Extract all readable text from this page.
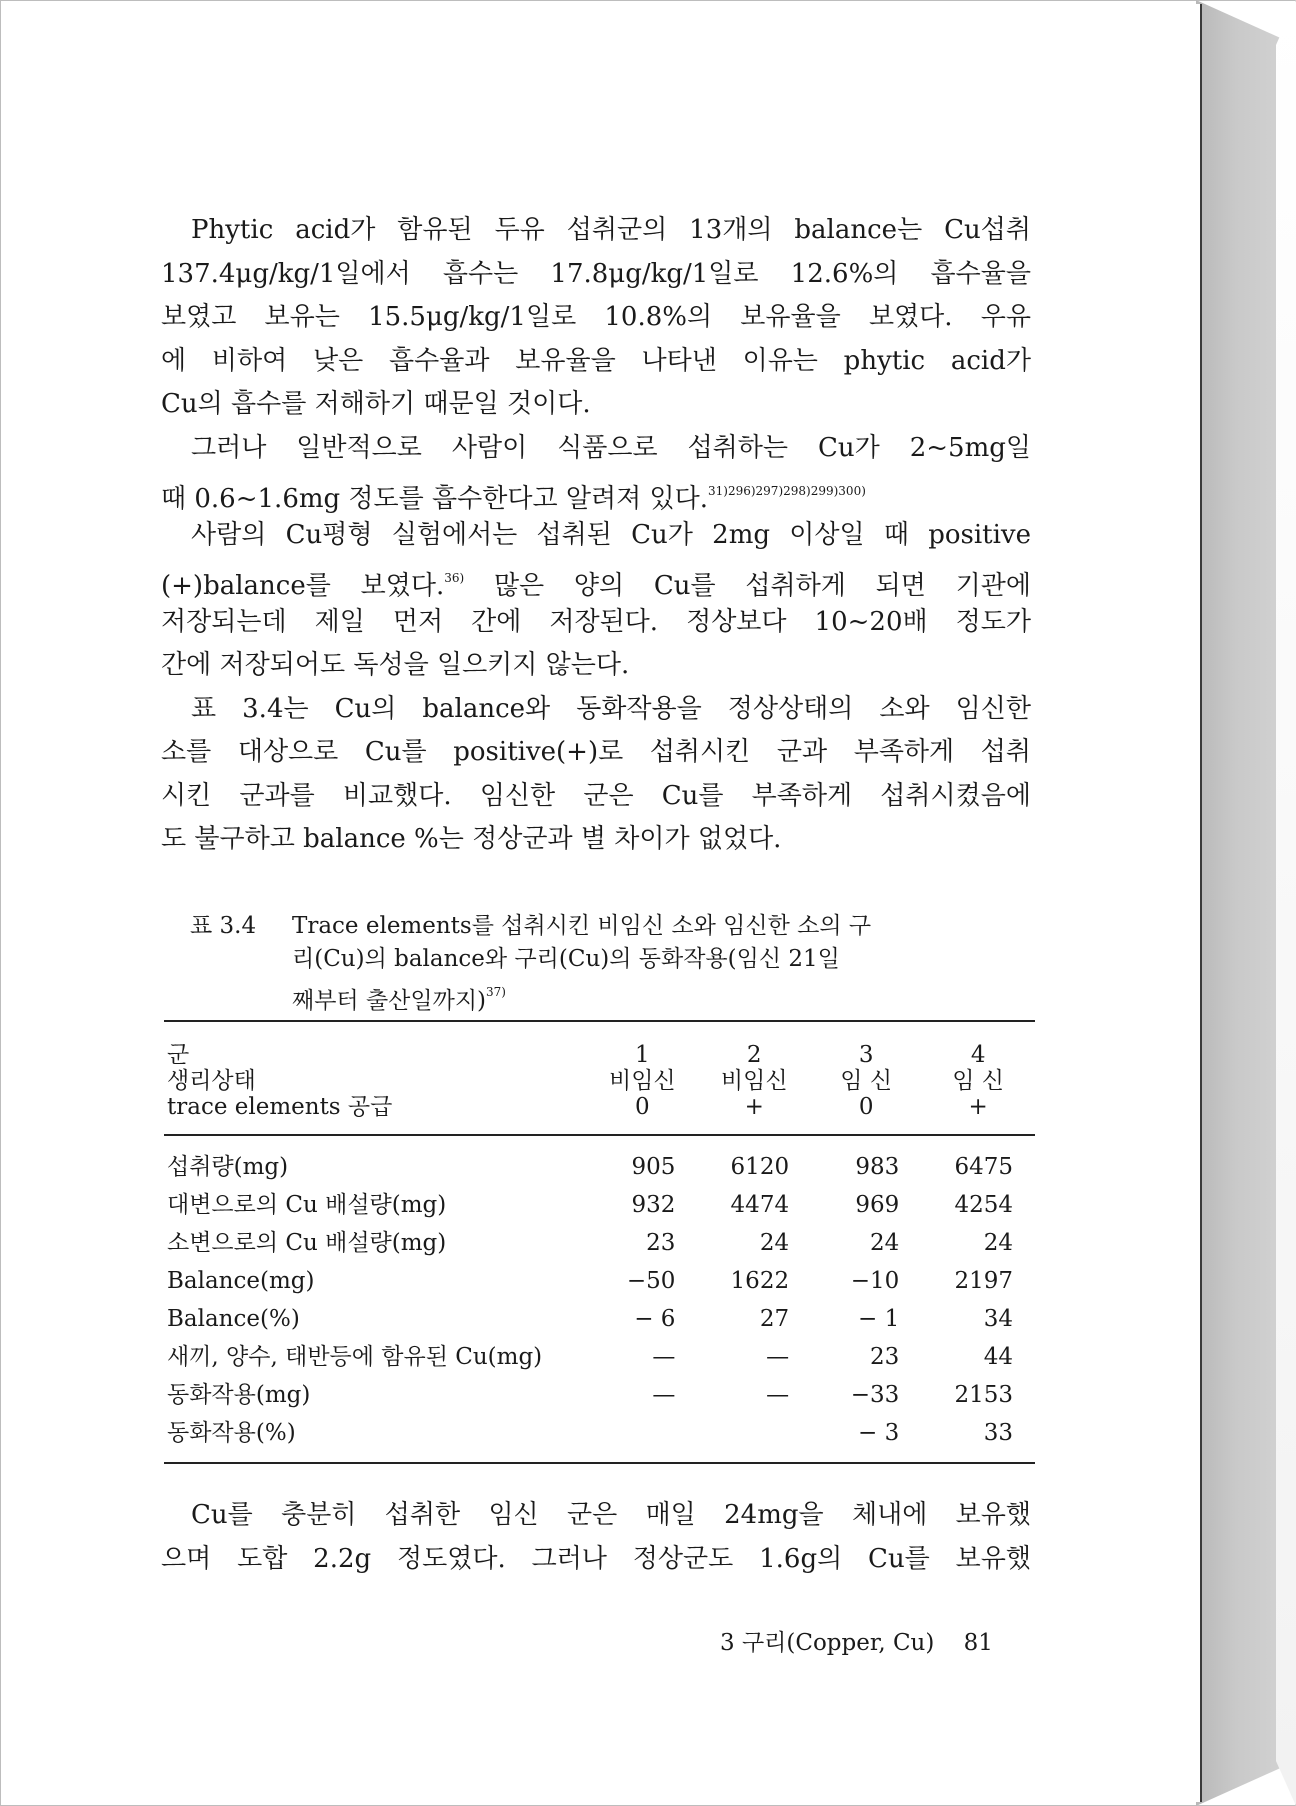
Phytic acid가 함유된 두유 섭취군의 13개의 balance는 Cu섭취
137.4μg/kg/1일에서 흡수는 17.8μg/kg/1일로 12.6%의 흡수율을
보였고 보유는 15.5μg/kg/1일로 10.8%의 보유율을 보였다. 우유
에 비하여 낮은 흡수율과 보유율을 나타낸 이유는 phytic acid가
Cu의 흡수를 저해하기 때문일 것이다.
그러나 일반적으로 사람이 식품으로 섭취하는 Cu가 2~5mg일
때 0.6~1.6mg 정도를 흡수한다고 알려져 있다.$^{31)296)297)298)299)300)}$
사람의 Cu평형 실험에서는 섭취된 Cu가 2mg 이상일 때 positive
(+)balance를 보였다.$^{36)}$ 많은 양의 Cu를 섭취하게 되면 기관에
저장되는데 제일 먼저 간에 저장된다. 정상보다 10~20배 정도가
간에 저장되어도 독성을 일으키지 않는다.
표 3.4는 Cu의 balance와 동화작용을 정상상태의 소와 임신한
소를 대상으로 Cu를 positive(+)로 섭취시킨 군과 부족하게 섭취
시킨 군과를 비교했다. 임신한 군은 Cu를 부족하게 섭취시켰음에
도 불구하고 balance %는 정상군과 별 차이가 없었다.
표 3.4	Trace elements를 섭취시킨 비임신 소와 임신한 소의 구
리(Cu)의 balance와 구리(Cu)의 동화작용(임신 21일
째부터 출산일까지)$^{37)}$
군	1	2	3	4
생리상태	비임신	비임신	임 신	임 신
trace elements 공급	0	+	0	+
섭취량(mg)	905	6120	983	6475
대변으로의 Cu 배설량(mg)	932	4474	969	4254
소변으로의 Cu 배설량(mg)	23	24	24	24
Balance(mg)	−50	1622	−10	2197
Balance(%)	− 6	27	− 1	34
새끼, 양수, 태반등에 함유된 Cu(mg)	—	—	23	44
동화작용(mg)	—	—	−33	2153
동화작용(%)			− 3	33
Cu를 충분히 섭취한 임신 군은 매일 24mg을 체내에 보유했
으며 도합 2.2g 정도였다. 그러나 정상군도 1.6g의 Cu를 보유했
3 구리(Copper, Cu) 81
